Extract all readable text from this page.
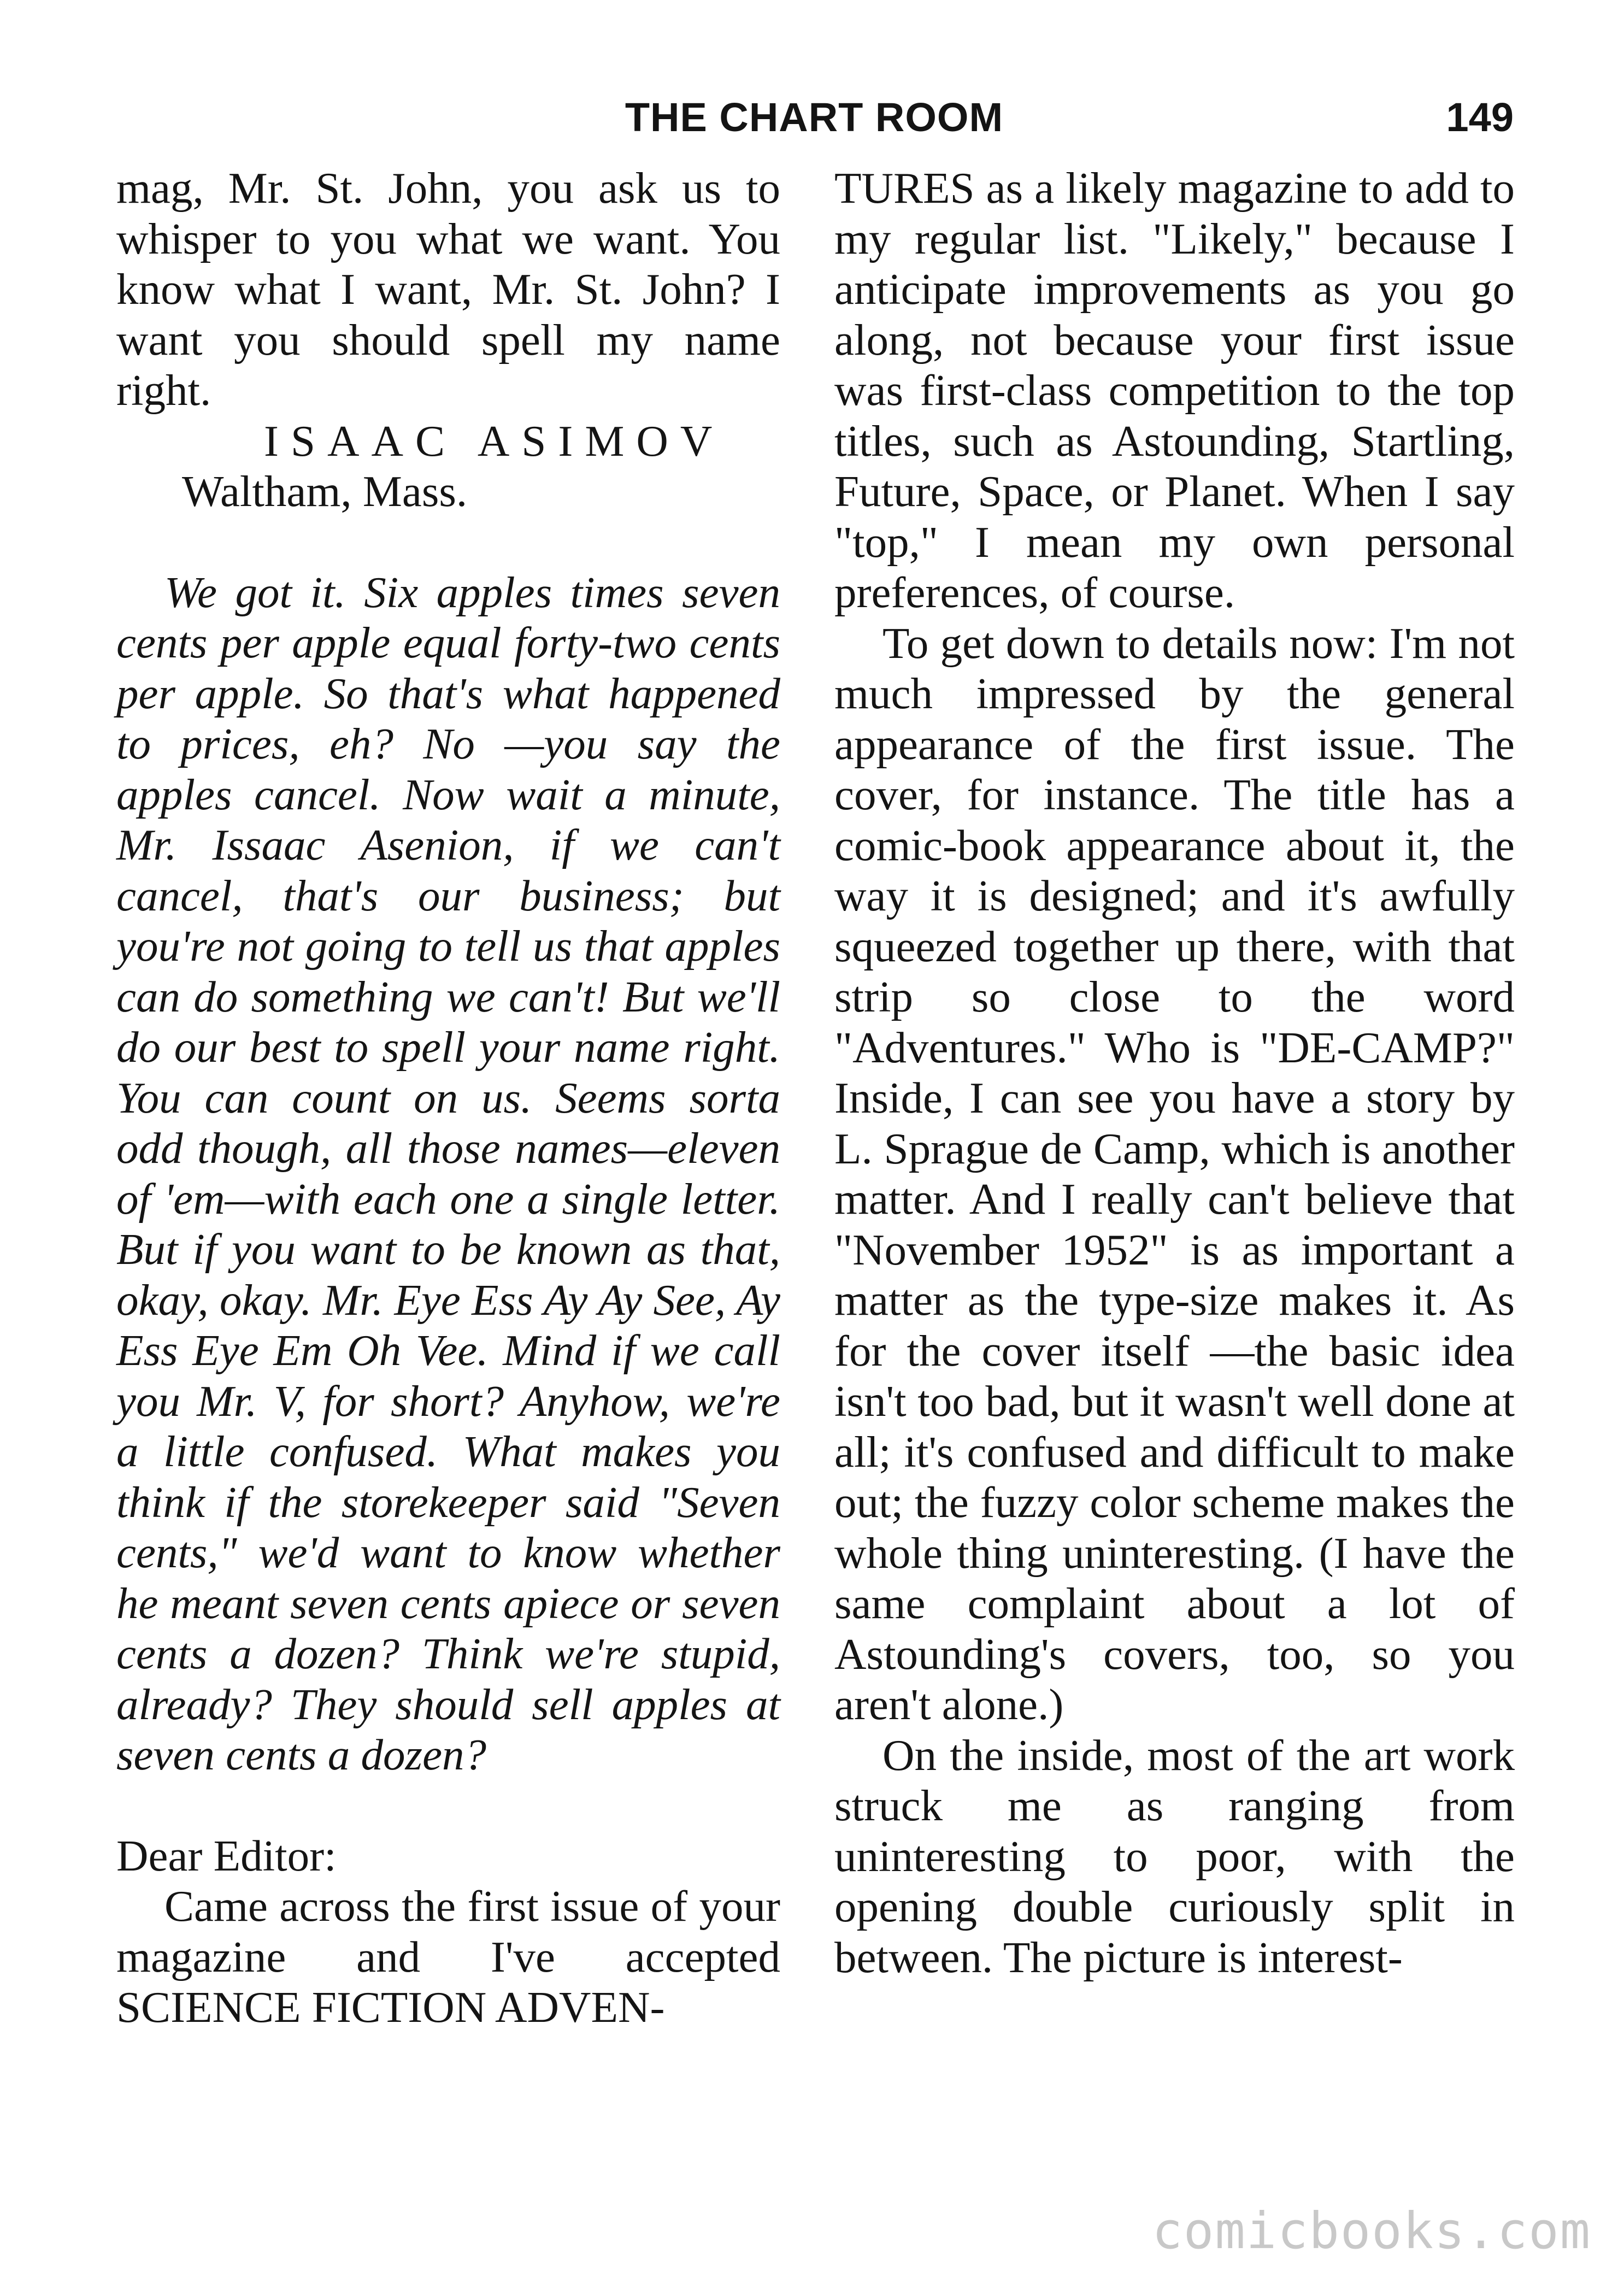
THE CHART ROOM	149

mag, Mr. St. John, you ask us to whisper to you what we want. You know what I want, Mr. St. John? I want you should spell my name right.

ISAAC ASIMOV

Waltham, Mass.

We got it. Six apples times seven cents per apple equal forty-two cents per apple. So that's what happened to prices, eh? No —you say the apples cancel. Now wait a minute, Mr. Issaac Asenion, if we can't cancel, that's our business; but you're not going to tell us that apples can do something we can't! But we'll do our best to spell your name right. You can count on us. Seems sorta odd though, all those names—eleven of 'em—with each one a single letter. But if you want to be known as that, okay, okay. Mr. Eye Ess Ay Ay See, Ay Ess Eye Em Oh Vee. Mind if we call you Mr. V, for short? Anyhow, we're a little confused. What makes you think if the storekeeper said "Seven cents," we'd want to know whether he meant seven cents apiece or seven cents a dozen? Think we're stupid, already? They should sell apples at seven cents a dozen?

Dear Editor:

Came across the first issue of your magazine and I've accepted SCIENCE FICTION ADVEN-

TURES as a likely magazine to add to my regular list. "Likely," because I anticipate improvements as you go along, not because your first issue was first-class competition to the top titles, such as Astounding, Startling, Future, Space, or Planet. When I say "top," I mean my own personal preferences, of course.

To get down to details now: I'm not much impressed by the general appearance of the first issue. The cover, for instance. The title has a comic-book appearance about it, the way it is designed; and it's awfully squeezed together up there, with that strip so close to the word "Adventures." Who is "DE-CAMP?" Inside, I can see you have a story by L. Sprague de Camp, which is another matter. And I really can't believe that "November 1952" is as important a matter as the type-size makes it. As for the cover itself —the basic idea isn't too bad, but it wasn't well done at all; it's confused and difficult to make out; the fuzzy color scheme makes the whole thing uninteresting. (I have the same complaint about a lot of Astounding's covers, too, so you aren't alone.)

On the inside, most of the art work struck me as ranging from uninteresting to poor, with the opening double curiously split in between. The picture is interest-

comicbooks.com
